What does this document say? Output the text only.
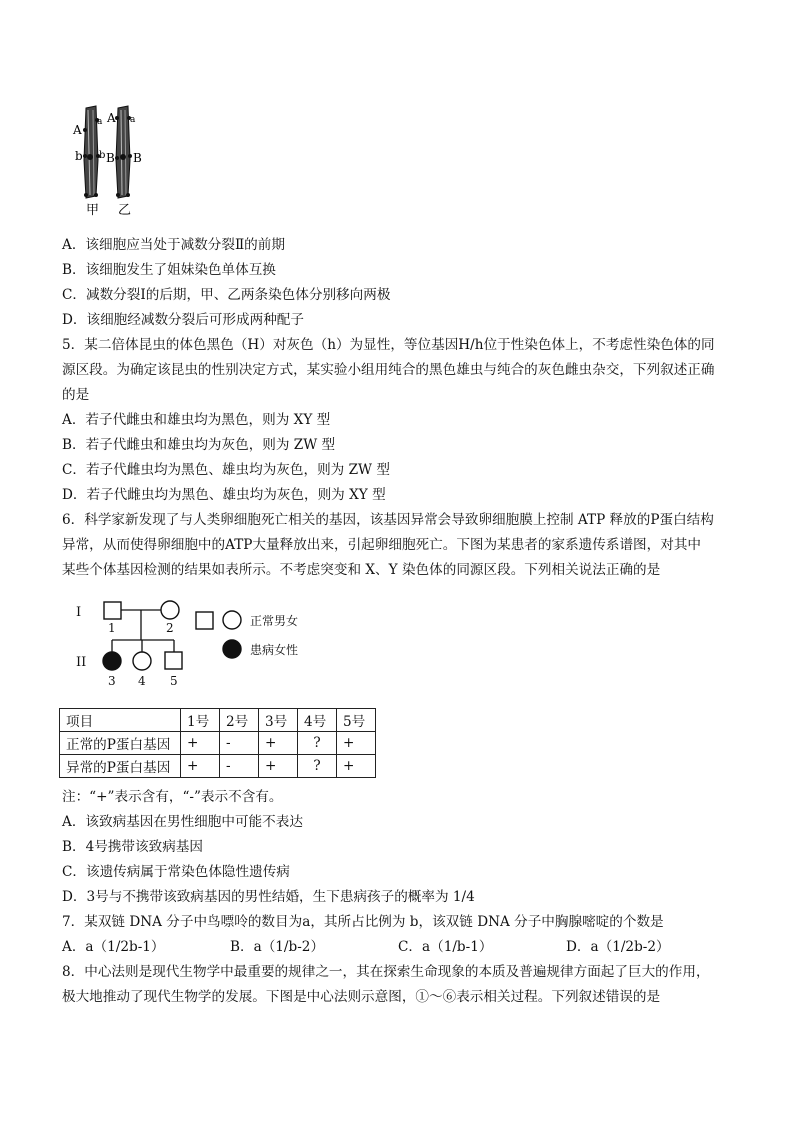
A
a
b b
A a
B B
甲 乙
A．该细胞应当处于减数分裂Ⅱ的前期
B．该细胞发生了姐妹染色单体互换
C．减数分裂Ⅰ的后期，甲、乙两条染色体分别移向两极
D．该细胞经减数分裂后可形成两种配子
5．某二倍体昆虫的体色黑色（H）对灰色（h）为显性，等位基因H/h位于性染色体上，不考虑性染色体的同
源区段。为确定该昆虫的性别决定方式，某实验小组用纯合的黑色雄虫与纯合的灰色雌虫杂交，下列叙述正确
的是
A．若子代雌虫和雄虫均为黑色，则为 XY 型
B．若子代雌虫和雄虫均为灰色，则为 ZW 型
C．若子代雌虫均为黑色、雄虫均为灰色，则为 ZW 型
D．若子代雌虫均为黑色、雄虫均为灰色，则为 XY 型
6．科学家新发现了与人类卵细胞死亡相关的基因，该基因异常会导致卵细胞膜上控制 ATP 释放的P蛋白结构
异常，从而使得卵细胞中的ATP大量释放出来，引起卵细胞死亡。下图为某患者的家系遗传系谱图，对其中
某些个体基因检测的结果如表所示。不考虑突变和 X、Y 染色体的同源区段。下列相关说法正确的是
I
II
1	2
3 4 5
正常男女
患病女性
项目	1号	2号	3号	4号	5号
正常的P蛋白基因	+	-	+	?	+
异常的P蛋白基因	+	-	+	?	+
注：“+”表示含有，“-”表示不含有。
A．该致病基因在男性细胞中可能不表达
B．4号携带该致病基因
C．该遗传病属于常染色体隐性遗传病
D．3号与不携带该致病基因的男性结婚，生下患病孩子的概率为 1/4
7．某双链 DNA 分子中鸟嘌呤的数目为a，其所占比例为 b，该双链 DNA 分子中胸腺嘧啶的个数是
A．a（1/2b-1）	B．a（1/b-2）	C．a（1/b-1）	D．a（1/2b-2）
8．中心法则是现代生物学中最重要的规律之一，其在探索生命现象的本质及普遍规律方面起了巨大的作用，
极大地推动了现代生物学的发展。下图是中心法则示意图，①～⑥表示相关过程。下列叙述错误的是
